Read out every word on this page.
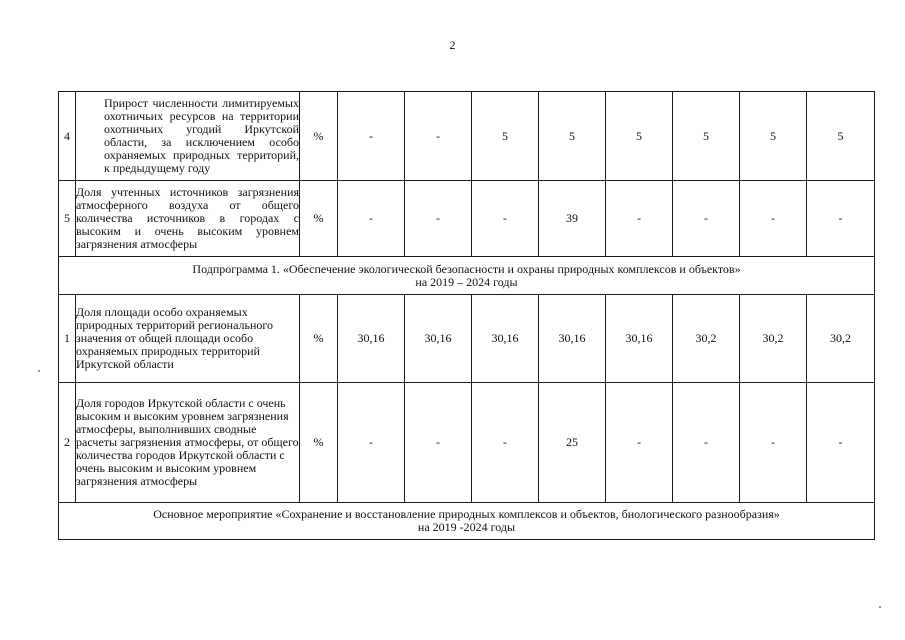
2
4	Прирост численности лимитируемых охотничьих ресурсов на территории охотничьих угодий Иркутской области, за исключением особо охраняемых природных территорий, к предыдущему году	%	-	-	5	5	5	5	5	5
5	Доля учтенных источников загрязнения атмосферного воздуха от общего количества источников в городах с высоким и очень высоким уровнем загрязнения атмосферы	%	-	-	-	39	-	-	-	-

Подпрограмма 1. «Обеспечение экологической безопасности и охраны природных комплексов и объектов»
на 2019 – 2024 годы										

1	Доля площади особо охраняемых природных территорий регионального значения от общей площади особо охраняемых природных территорий Иркутской области	%	30,16	30,16	30,16	30,16	30,16	30,2	30,2	30,2
2	Доля городов Иркутской области с очень высоким и высоким уровнем загрязнения атмосферы, выполнивших сводные расчеты загрязнения атмосферы, от общего количества городов Иркутской области с очень высоким и высоким уровнем загрязнения атмосферы	%	-	-	-	25	-	-	-	-

Основное мероприятие «Сохранение и восстановление природных комплексов и объектов, биологического разнообразия»
на 2019 -2024 годы										
